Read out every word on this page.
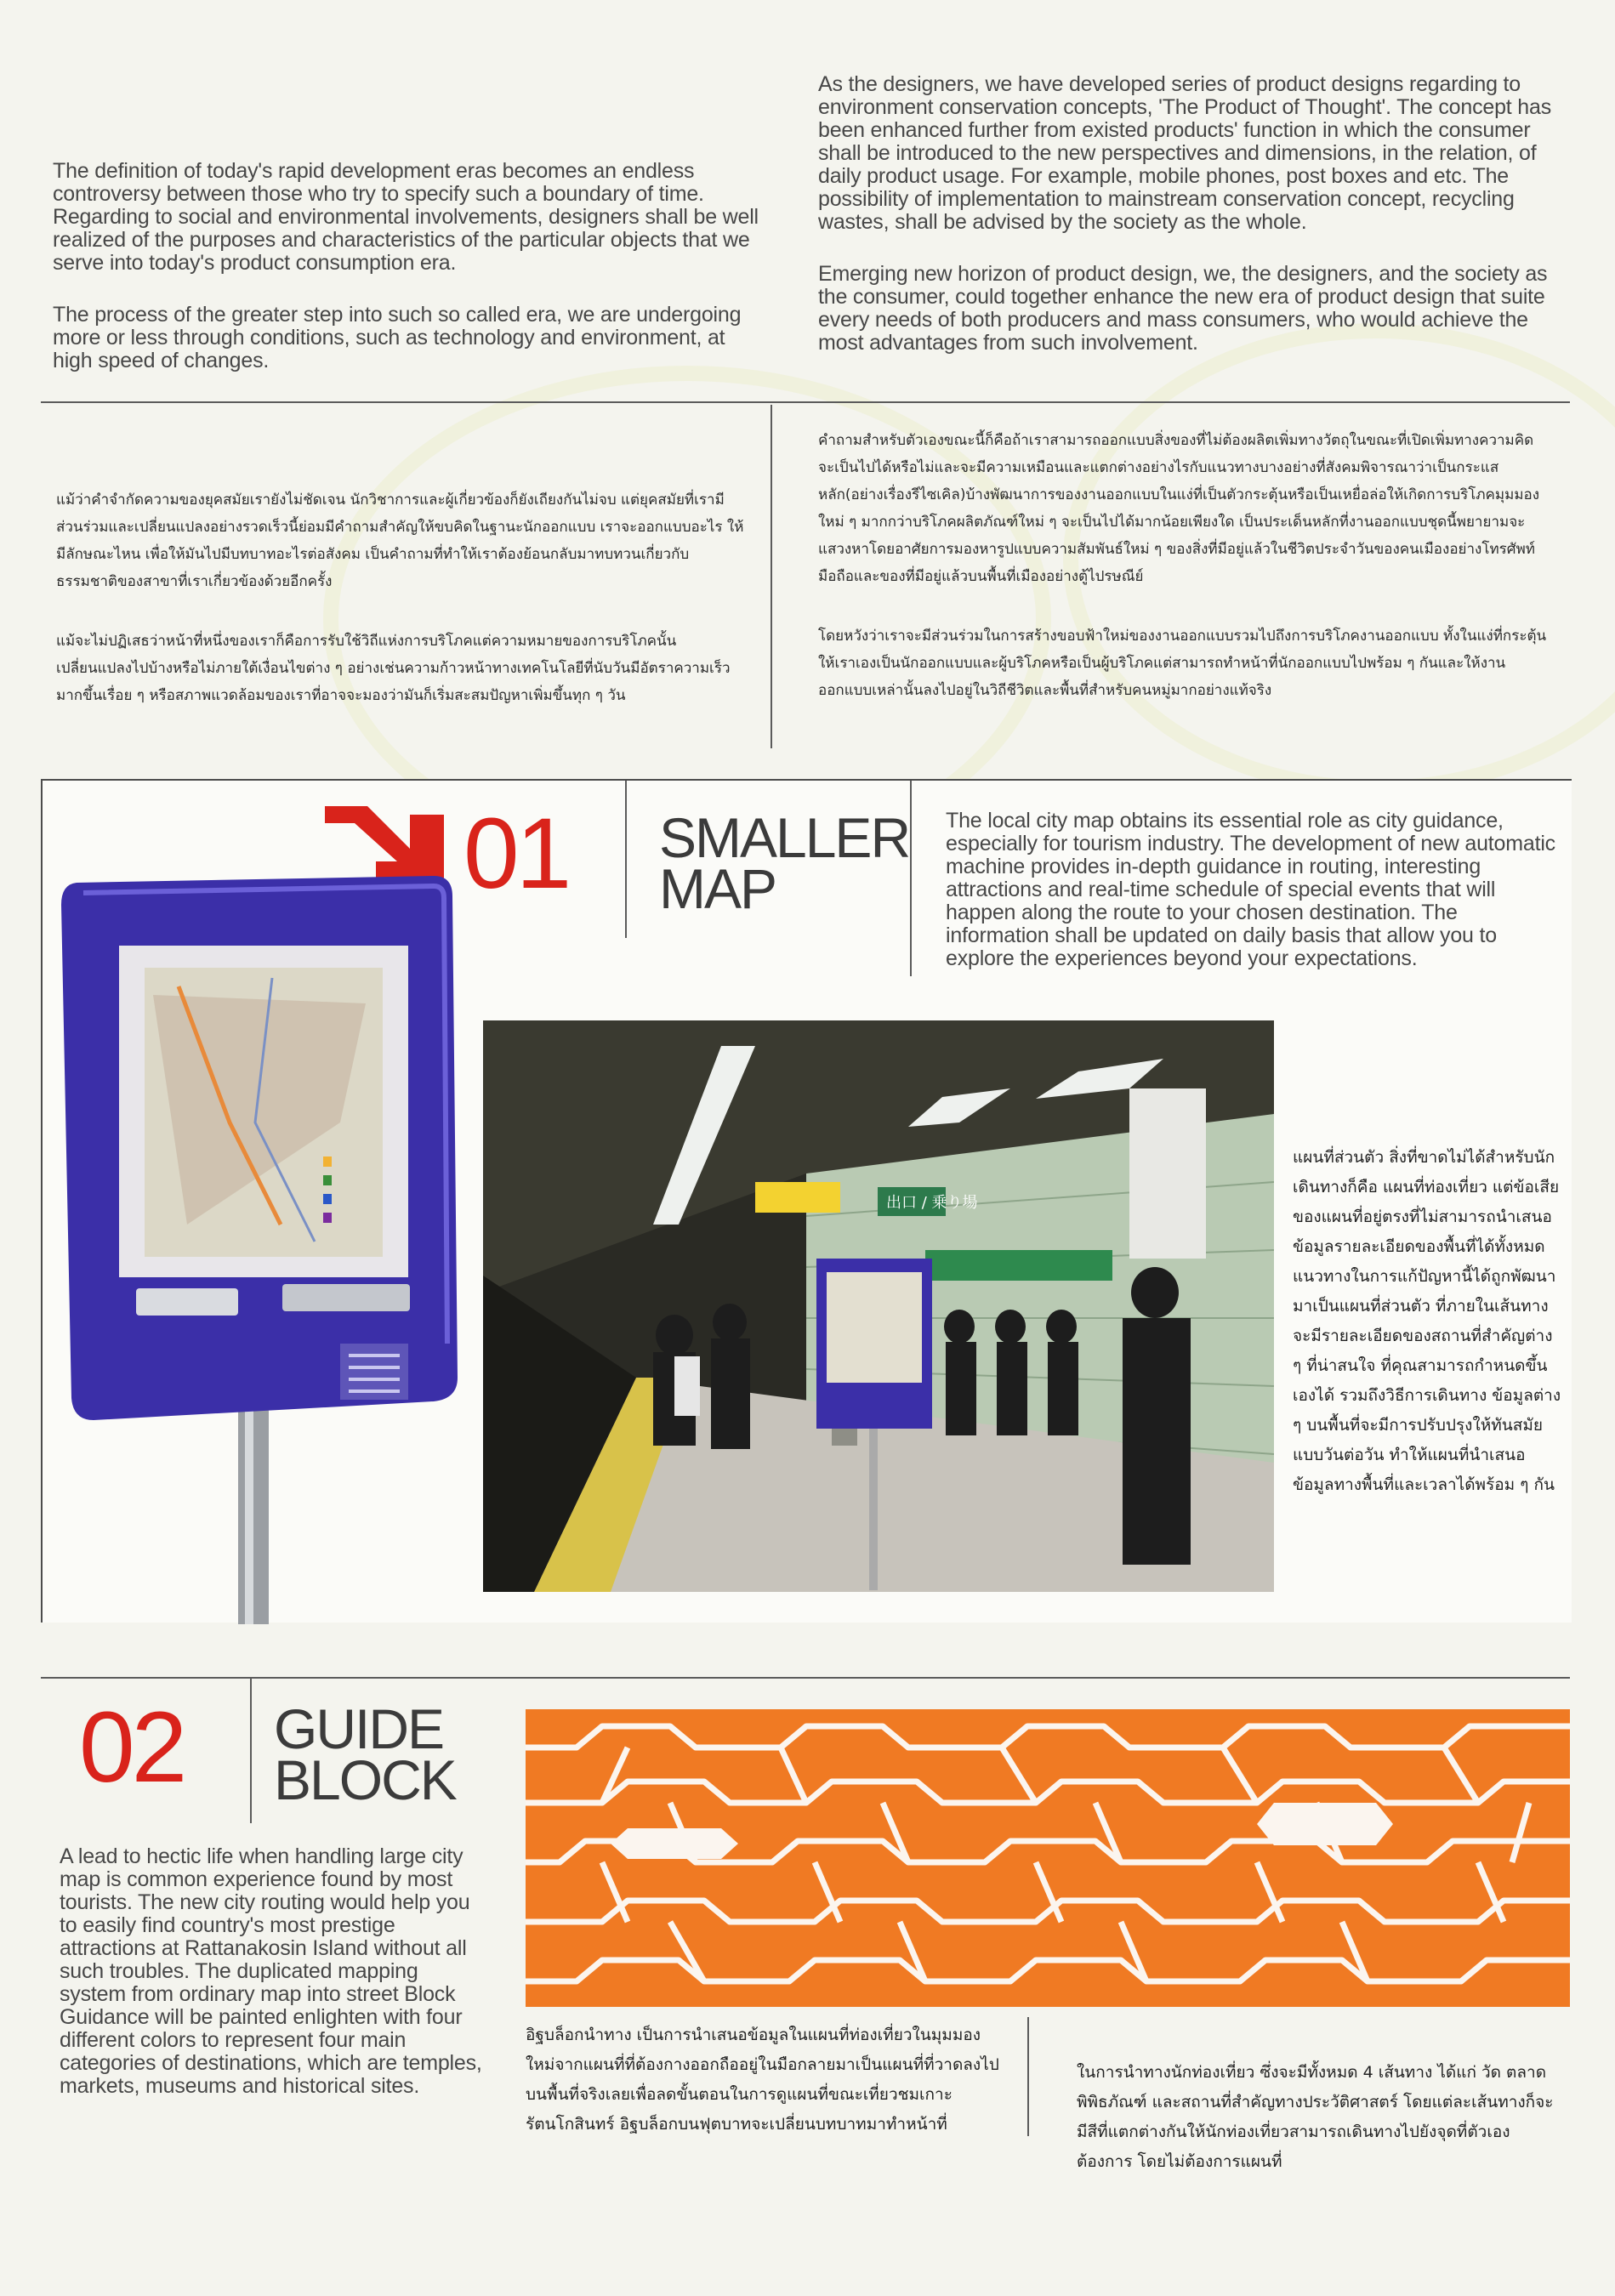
The definition of today's rapid development eras becomes an endless controversy between those who try to specify such a boundary of time. Regarding to social and environmental involvements, designers shall be well realized of the purposes and characteristics of the particular objects that we serve into today's product consumption era.

The process of the greater step into such so called era, we are undergoing more or less through conditions, such as technology and environment, at high speed of changes.

As the designers, we have developed series of product designs regarding to environment conservation concepts, 'The Product of Thought'. The concept has been enhanced further from existed products' function in which the consumer shall be introduced to the new perspectives and dimensions, in the relation, of daily product usage. For example, mobile phones, post boxes and etc. The possibility of implementation to mainstream conservation concept, recycling wastes, shall be advised by the society as the whole.

Emerging new horizon of product design, we, the designers, and the society as the consumer, could together enhance the new era of product design that suite every needs of both producers and mass consumers, who would achieve the most advantages from such involvement.

แม้ว่าคำจำกัดความของยุคสมัยเรายังไม่ชัดเจน นักวิชาการและผู้เกี่ยวข้องก็ยังเถียงกันไม่จบ แต่ยุคสมัยที่เรามีส่วนร่วมและเปลี่ยนแปลงอย่างรวดเร็วนี้ย่อมมีคำถามสำคัญให้ขบคิดในฐานะนักออกแบบ เราจะออกแบบอะไร ให้มีลักษณะไหน เพื่อให้มันไปมีบทบาทอะไรต่อสังคม เป็นคำถามที่ทำให้เราต้องย้อนกลับมาทบทวนเกี่ยวกับธรรมชาติของสาขาที่เราเกี่ยวข้องด้วยอีกครั้ง

แม้จะไม่ปฏิเสธว่าหน้าที่หนึ่งของเราก็คือการรับใช้วิถีแห่งการบริโภคแต่ความหมายของการบริโภคนั้นเปลี่ยนแปลงไปบ้างหรือไม่ภายใต้เงื่อนไขต่าง ๆ อย่างเช่นความก้าวหน้าทางเทคโนโลยีที่นับวันมีอัตราความเร็วมากขึ้นเรื่อย ๆ หรือสภาพแวดล้อมของเราที่อาจจะมองว่ามันก็เริ่มสะสมปัญหาเพิ่มขึ้นทุก ๆ วัน

คำถามสำหรับตัวเองขณะนี้ก็คือถ้าเราสามารถออกแบบสิ่งของที่ไม่ต้องผลิตเพิ่มทางวัตถุในขณะที่เปิดเพิ่มทางความคิดจะเป็นไปได้หรือไม่และจะมีความเหมือนและแตกต่างอย่างไรกับแนวทางบางอย่างที่สังคมพิจารณาว่าเป็นกระแสหลัก(อย่างเรื่องรีไซเคิล)บ้างพัฒนาการของงานออกแบบในแง่ที่เป็นตัวกระตุ้นหรือเป็นเหยื่อล่อให้เกิดการบริโภคมุมมองใหม่ ๆ มากกว่าบริโภคผลิตภัณฑ์ใหม่ ๆ จะเป็นไปได้มากน้อยเพียงใด เป็นประเด็นหลักที่งานออกแบบชุดนี้พยายามจะแสวงหาโดยอาศัยการมองหารูปแบบความสัมพันธ์ใหม่ ๆ ของสิ่งที่มีอยู่แล้วในชีวิตประจำวันของคนเมืองอย่างโทรศัพท์มือถือและของที่มีอยู่แล้วบนพื้นที่เมืองอย่างตู้ไปรษณีย์

โดยหวังว่าเราจะมีส่วนร่วมในการสร้างขอบฟ้าใหม่ของงานออกแบบรวมไปถึงการบริโภคงานออกแบบ ทั้งในแง่ที่กระตุ้นให้เราเองเป็นนักออกแบบและผู้บริโภคหรือเป็นผู้บริโภคแต่สามารถทำหน้าที่นักออกแบบไปพร้อม ๆ กันและให้งานออกแบบเหล่านั้นลงไปอยู่ในวิถีชีวิตและพื้นที่สำหรับคนหมู่มากอย่างแท้จริง

01 SMALLER
MAP
The local city map obtains its essential role as city guidance, especially for tourism industry. The development of new automatic machine provides in-depth guidance in routing, interesting attractions and real-time schedule of special events that will happen along the route to your chosen destination. The information shall be updated on daily basis that allow you to explore the experiences beyond your expectations.
出口 / 乗り場
แผนที่ส่วนตัว สิ่งที่ขาดไม่ได้สำหรับนักเดินทางก็คือ แผนที่ท่องเที่ยว แต่ข้อเสียของแผนที่อยู่ตรงที่ไม่สามารถนำเสนอข้อมูลรายละเอียดของพื้นที่ได้ทั้งหมด แนวทางในการแก้ปัญหานี้ได้ถูกพัฒนามาเป็นแผนที่ส่วนตัว ที่ภายในเส้นทางจะมีรายละเอียดของสถานที่สำคัญต่าง ๆ ที่น่าสนใจ ที่คุณสามารถกำหนดขึ้นเองได้ รวมถึงวิธีการเดินทาง ข้อมูลต่าง ๆ บนพื้นที่จะมีการปรับปรุงให้ทันสมัยแบบวันต่อวัน ทำให้แผนที่นำเสนอข้อมูลทางพื้นที่และเวลาได้พร้อม ๆ กัน
02 GUIDE
BLOCK
A lead to hectic life when handling large city map is common experience found by most tourists. The new city routing would help you to easily find country's most prestige attractions at Rattanakosin Island without all such troubles. The duplicated mapping system from ordinary map into street Block Guidance will be painted enlighten with four different colors to represent four main categories of destinations, which are temples, markets, museums and historical sites.
อิฐบล็อกนำทาง เป็นการนำเสนอข้อมูลในแผนที่ท่องเที่ยวในมุมมองใหม่จากแผนที่ที่ต้องกางออกถืออยู่ในมือกลายมาเป็นแผนที่ที่วาดลงไปบนพื้นที่จริงเลยเพื่อลดขั้นตอนในการดูแผนที่ขณะเที่ยวชมเกาะรัตนโกสินทร์ อิฐบล็อกบนฟุตบาทจะเปลี่ยนบทบาทมาทำหน้าที่
ในการนำทางนักท่องเที่ยว ซึ่งจะมีทั้งหมด 4 เส้นทาง ได้แก่ วัด ตลาด พิพิธภัณฑ์ และสถานที่สำคัญทางประวัติศาสตร์ โดยแต่ละเส้นทางก็จะมีสีที่แตกต่างกันให้นักท่องเที่ยวสามารถเดินทางไปยังจุดที่ตัวเองต้องการ โดยไม่ต้องการแผนที่
